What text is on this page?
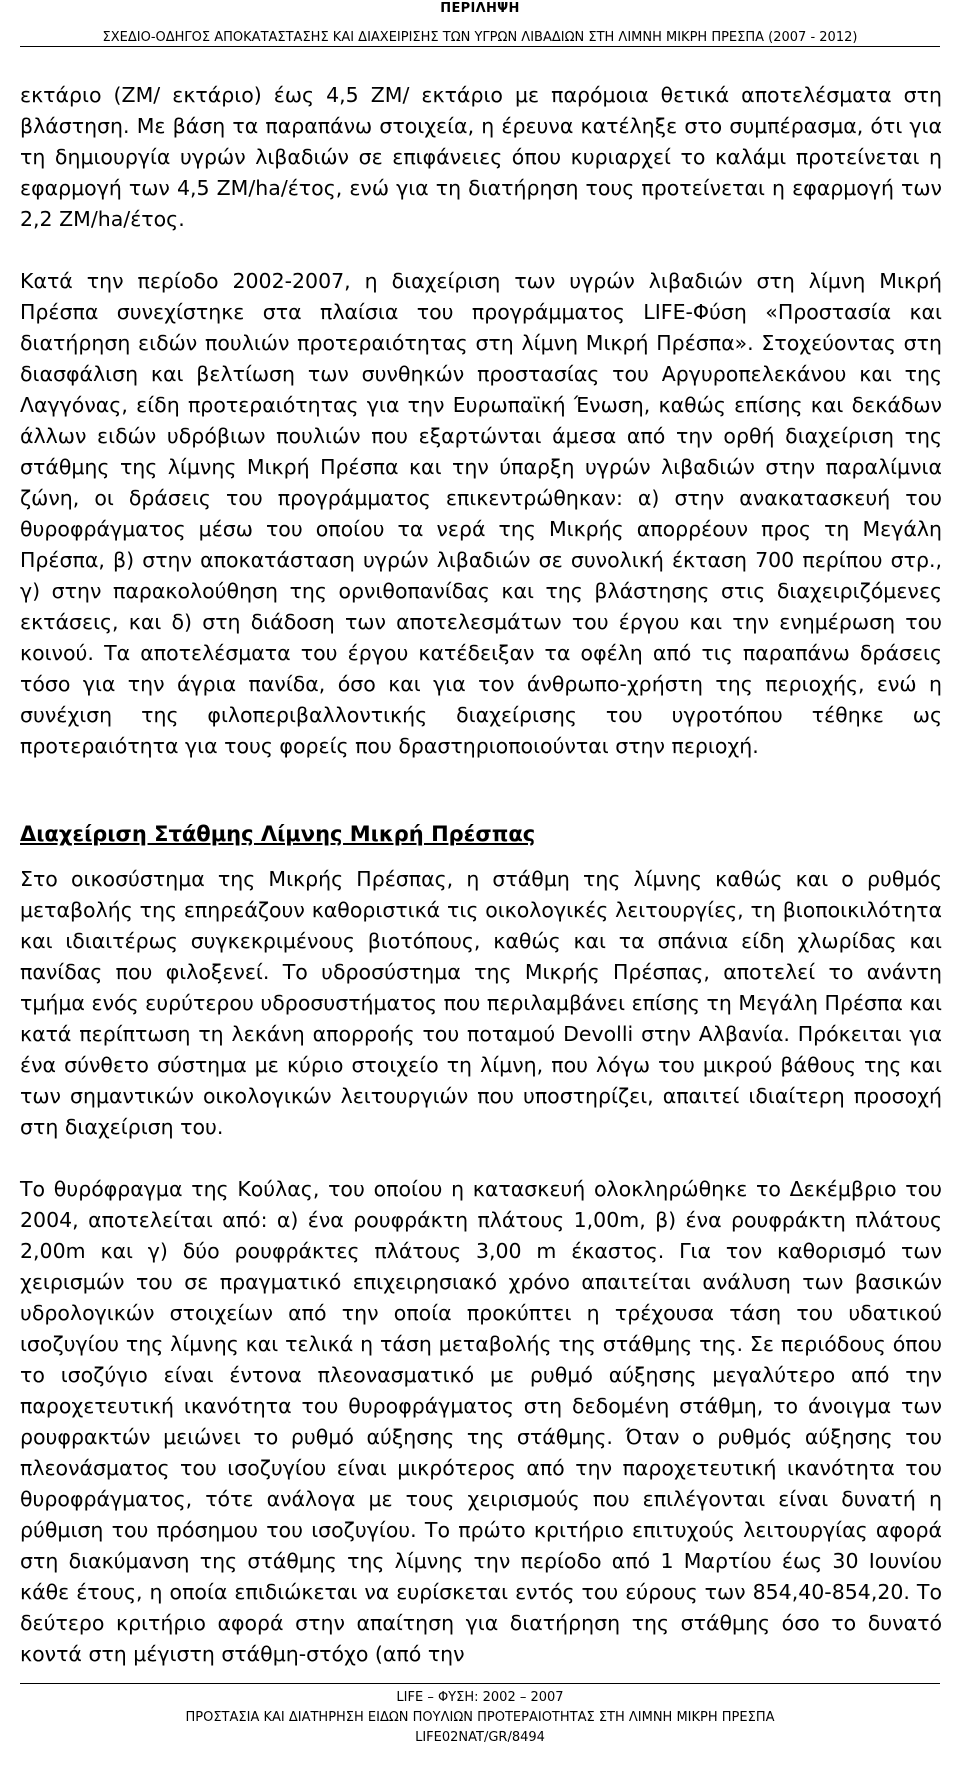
ΠΕΡΙΛΗΨΗ
ΣΧΕΔΙΟ-ΟΔΗΓΟΣ ΑΠΟΚΑΤΑΣΤΑΣΗΣ ΚΑΙ ΔΙΑΧΕΙΡΙΣΗΣ ΤΩΝ ΥΓΡΩΝ ΛΙΒΑΔΙΩΝ ΣΤΗ ΛΙΜΝΗ ΜΙΚΡΗ ΠΡΕΣΠΑ (2007 - 2012)

εκτάριο (ΖΜ/ εκτάριο) έως 4,5 ΖΜ/ εκτάριο με παρόμοια θετικά αποτελέσματα στη βλάστηση. Με βάση τα παραπάνω στοιχεία, η έρευνα κατέληξε στο συμπέρασμα, ότι για τη δημιουργία υγρών λιβαδιών σε επιφάνειες όπου κυριαρχεί το καλάμι προτείνεται η εφαρμογή των 4,5 ΖΜ/ha/έτος, ενώ για τη διατήρηση τους προτείνεται η εφαρμογή των 2,2 ΖΜ/ha/έτος.

Κατά την περίοδο 2002-2007, η διαχείριση των υγρών λιβαδιών στη λίμνη Μικρή Πρέσπα συνεχίστηκε στα πλαίσια του προγράμματος LIFE-Φύση «Προστασία και διατήρηση ειδών πουλιών προτεραιότητας στη λίμνη Μικρή Πρέσπα». Στοχεύοντας στη διασφάλιση και βελτίωση των συνθηκών προστασίας του Αργυροπελεκάνου και της Λαγγόνας, είδη προτεραιότητας για την Ευρωπαϊκή Ένωση, καθώς επίσης και δεκάδων άλλων ειδών υδρόβιων πουλιών που εξαρτώνται άμεσα από την ορθή διαχείριση της στάθμης της λίμνης Μικρή Πρέσπα και την ύπαρξη υγρών λιβαδιών στην παραλίμνια ζώνη, οι δράσεις του προγράμματος επικεντρώθηκαν: α) στην ανακατασκευή του θυροφράγματος μέσω του οποίου τα νερά της Μικρής απορρέουν προς τη Μεγάλη Πρέσπα, β) στην αποκατάσταση υγρών λιβαδιών σε συνολική έκταση 700 περίπου στρ., γ) στην παρακολούθηση της ορνιθοπανίδας και της βλάστησης στις διαχειριζόμενες εκτάσεις, και δ) στη διάδοση των αποτελεσμάτων του έργου και την ενημέρωση του κοινού. Τα αποτελέσματα του έργου κατέδειξαν τα οφέλη από τις παραπάνω δράσεις τόσο για την άγρια πανίδα, όσο και για τον άνθρωπο-χρήστη της περιοχής, ενώ η συνέχιση της φιλοπεριβαλλοντικής διαχείρισης του υγροτόπου τέθηκε ως προτεραιότητα για τους φορείς που δραστηριοποιούνται στην περιοχή.

Διαχείριση Στάθμης Λίμνης Μικρή Πρέσπας

Στο οικοσύστημα της Μικρής Πρέσπας, η στάθμη της λίμνης καθώς και ο ρυθμός μεταβολής της επηρεάζουν καθοριστικά τις οικολογικές λειτουργίες, τη βιοποικιλότητα και ιδιαιτέρως συγκεκριμένους βιοτόπους, καθώς και τα σπάνια είδη χλωρίδας και πανίδας που φιλοξενεί. Το υδροσύστημα της Μικρής Πρέσπας, αποτελεί το ανάντη τμήμα ενός ευρύτερου υδροσυστήματος που περιλαμβάνει επίσης τη Μεγάλη Πρέσπα και κατά περίπτωση τη λεκάνη απορροής του ποταμού Devolli στην Αλβανία. Πρόκειται για ένα σύνθετο σύστημα με κύριο στοιχείο τη λίμνη, που λόγω του μικρού βάθους της και των σημαντικών οικολογικών λειτουργιών που υποστηρίζει, απαιτεί ιδιαίτερη προσοχή στη διαχείριση του.

Το θυρόφραγμα της Κούλας, του οποίου η κατασκευή ολοκληρώθηκε το Δεκέμβριο του 2004, αποτελείται από: α) ένα ρουφράκτη πλάτους 1,00m, β) ένα ρουφράκτη πλάτους 2,00m και γ) δύο ρουφράκτες πλάτους 3,00 m έκαστος. Για τον καθορισμό των χειρισμών του σε πραγματικό επιχειρησιακό χρόνο απαιτείται ανάλυση των βασικών υδρολογικών στοιχείων από την οποία προκύπτει η τρέχουσα τάση του υδατικού ισοζυγίου της λίμνης και τελικά η τάση μεταβολής της στάθμης της. Σε περιόδους όπου το ισοζύγιο είναι έντονα πλεονασματικό με ρυθμό αύξησης μεγαλύτερο από την παροχετευτική ικανότητα του θυροφράγματος στη δεδομένη στάθμη, το άνοιγμα των ρουφρακτών μειώνει το ρυθμό αύξησης της στάθμης. Όταν ο ρυθμός αύξησης του πλεονάσματος του ισοζυγίου είναι μικρότερος από την παροχετευτική ικανότητα του θυροφράγματος, τότε ανάλογα με τους χειρισμούς που επιλέγονται είναι δυνατή η ρύθμιση του πρόσημου του ισοζυγίου. Το πρώτο κριτήριο επιτυχούς λειτουργίας αφορά στη διακύμανση της στάθμης της λίμνης την περίοδο από 1 Μαρτίου έως 30 Ιουνίου κάθε έτους, η οποία επιδιώκεται να ευρίσκεται εντός του εύρους των 854,40-854,20. Το δεύτερο κριτήριο αφορά στην απαίτηση για διατήρηση της στάθμης όσο το δυνατό κοντά στη μέγιστη στάθμη-στόχο (από την

LIFE – ΦΥΣΗ: 2002 – 2007
ΠΡΟΣΤΑΣΙΑ ΚΑΙ ΔΙΑΤΗΡΗΣΗ ΕΙΔΩΝ ΠΟΥΛΙΩΝ ΠΡΟΤΕΡΑΙΟΤΗΤΑΣ ΣΤΗ ΛΙΜΝΗ ΜΙΚΡΗ ΠΡΕΣΠΑ
LIFE02NAT/GR/8494
